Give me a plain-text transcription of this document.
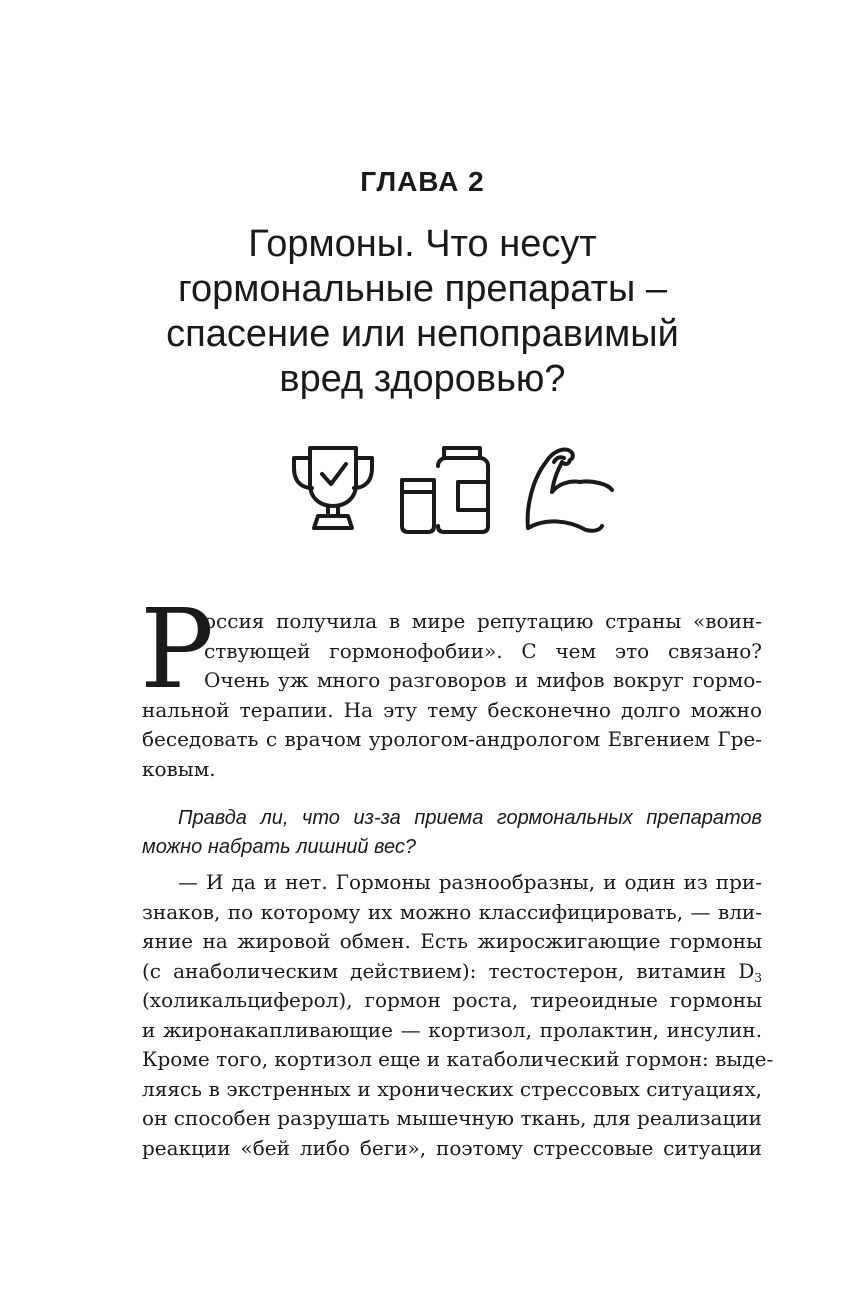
ГЛАВА 2
Гормоны. Что несут
гормональные препараты –
спасение или непоправимый
вред здоровью?
Р
оссия получила в мире репутацию страны «воин-
ствующей гормонофобии». С чем это связано?
Очень уж много разговоров и мифов вокруг гормо-
нальной терапии. На эту тему бесконечно долго можно
беседовать с врачом урологом-андрологом Евгением Гре-
ковым.
Правда ли, что из-за приема гормональных препаратов
можно набрать лишний вес?
— И да и нет. Гормоны разнообразны, и один из при-
знаков, по которому их можно классифицировать, — вли-
яние на жировой обмен. Есть жиросжигающие гормоны
(с анаболическим действием): тестостерон, витамин $D_3$
(холикальциферол), гормон роста, тиреоидные гормоны
и жиронакапливающие — кортизол, пролактин, инсулин.
Кроме того, кортизол еще и катаболический гормон: выде-
ляясь в экстренных и хронических стрессовых ситуациях,
он способен разрушать мышечную ткань, для реализации
реакции «бей либо беги», поэтому стрессовые ситуации
